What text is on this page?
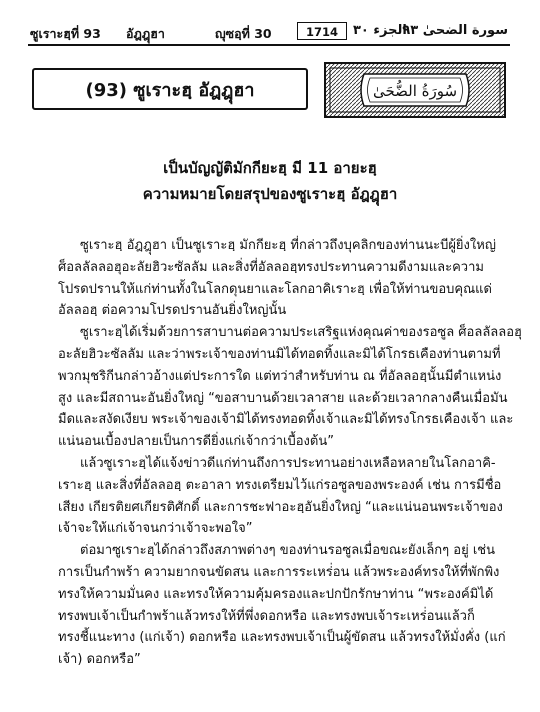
ซูเราะฮฺที่ 93 อัฎฎุฮา	ญุซอฺที่ 30	1714	الجزء ٣٠
سورة الضحىٰ ٩٣
(93) ซูเราะฮฺ อัฎฎุฮา	سُورَةُ الضُّحَىٰ
เป็นบัญญัติมักกียะฮฺ มี 11 อายะฮฺ
ความหมายโดยสรุปของซูเราะฮฺ อัฎฎุฮา
ซูเราะฮฺ อัฎฎุฮา เป็นซูเราะฮฺ มักกียะฮฺ ที่กล่าวถึงบุคลิกของท่านนะบีผู้ยิ่งใหญ่
ศ็อลลัลลอฮุอะลัยฮิวะซัลลัม และสิ่งที่อัลลอฮฺทรงประทานความดีงามและความ
โปรดปรานให้แก่ท่านทั้งในโลกดุนยาและโลกอาคิเราะฮฺ เพื่อให้ท่านขอบคุณแด่
อัลลอฮฺ ต่อความโปรดปรานอันยิ่งใหญ่นั้น
ซูเราะฮฺได้เริ่มด้วยการสาบานต่อความประเสริฐแห่งคุณค่าของรอซูล ศ็อลลัลลอฮุ
อะลัยฮิวะซัลลัม และว่าพระเจ้าของท่านมิได้ทอดทิ้งและมิได้โกรธเคืองท่านตามที่
พวกมุชริกีนกล่าวอ้างแต่ประการใด แต่ทว่าสำหรับท่าน ณ ที่อัลลอฮฺนั้นมีตำแหน่ง
สูง และมีสถานะอันยิ่งใหญ่ “ขอสาบานด้วยเวลาสาย และด้วยเวลากลางคืนเมื่อมัน
มืดและสงัดเงียบ พระเจ้าของเจ้ามิได้ทรงทอดทิ้งเจ้าและมิได้ทรงโกรธเคืองเจ้า และ
แน่นอนเบื้องปลายเป็นการดียิ่งแก่เจ้ากว่าเบื้องต้น”
แล้วซูเราะฮฺได้แจ้งข่าวดีแก่ท่านถึงการประทานอย่างเหลือหลายในโลกอาคิ-
เราะฮฺ และสิ่งที่อัลลอฮฺ ตะอาลา ทรงเตรียมไว้แก่รอซูลของพระองค์ เช่น การมีชื่อ
เสียง เกียรติยศเกียรติศักดิ์ และการชะฟาอะฮฺอันยิ่งใหญ่ “และแน่นอนพระเจ้าของ
เจ้าจะให้แก่เจ้าจนกว่าเจ้าจะพอใจ”
ต่อมาซูเราะฮฺได้กล่าวถึงสภาพต่างๆ ของท่านรอซูลเมื่อขณะยังเล็กๆ อยู่ เช่น
การเป็นกำพร้า ความยากจนขัดสน และการระเหร่่อน แล้วพระองค์ทรงให้ที่พักพิง
ทรงให้ความมั่นคง และทรงให้ความคุ้มครองและปกปักรักษาท่าน “พระองค์มิได้
ทรงพบเจ้าเป็นกำพร้าแล้วทรงให้ที่พึ่งดอกหรือ และทรงพบเจ้าระเหร่่อนแล้วก็
ทรงชี้แนะทาง (แก่เจ้า) ดอกหรือ และทรงพบเจ้าเป็นผู้ขัดสน แล้วทรงให้มั่งคั่ง (แก่
เจ้า) ดอกหรือ”
